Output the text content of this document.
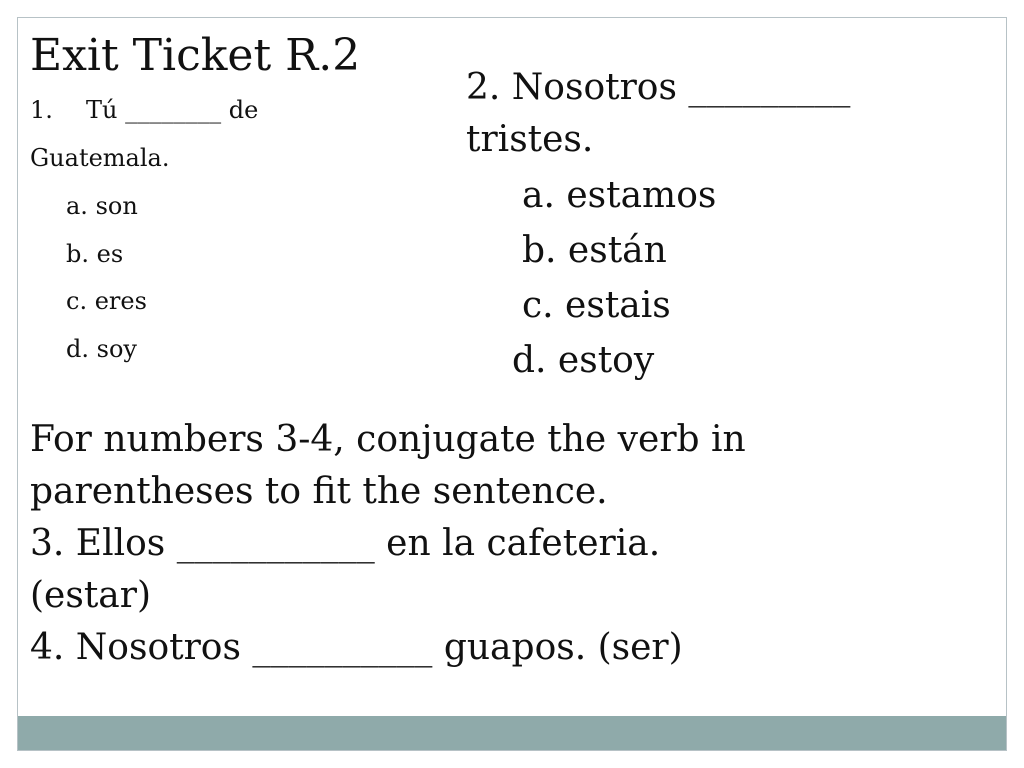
Exit Ticket R.2
1. Tú ________ de
Guatemala.
a. son
b. es
c. eres
d. soy
2. Nosotros _________
tristes.
a. estamos
b. están
c. estais
d. estoy
For numbers 3-4, conjugate the verb in
parentheses to fit the sentence.
3. Ellos ___________ en la cafeteria.
(estar)
4. Nosotros __________ guapos. (ser)
